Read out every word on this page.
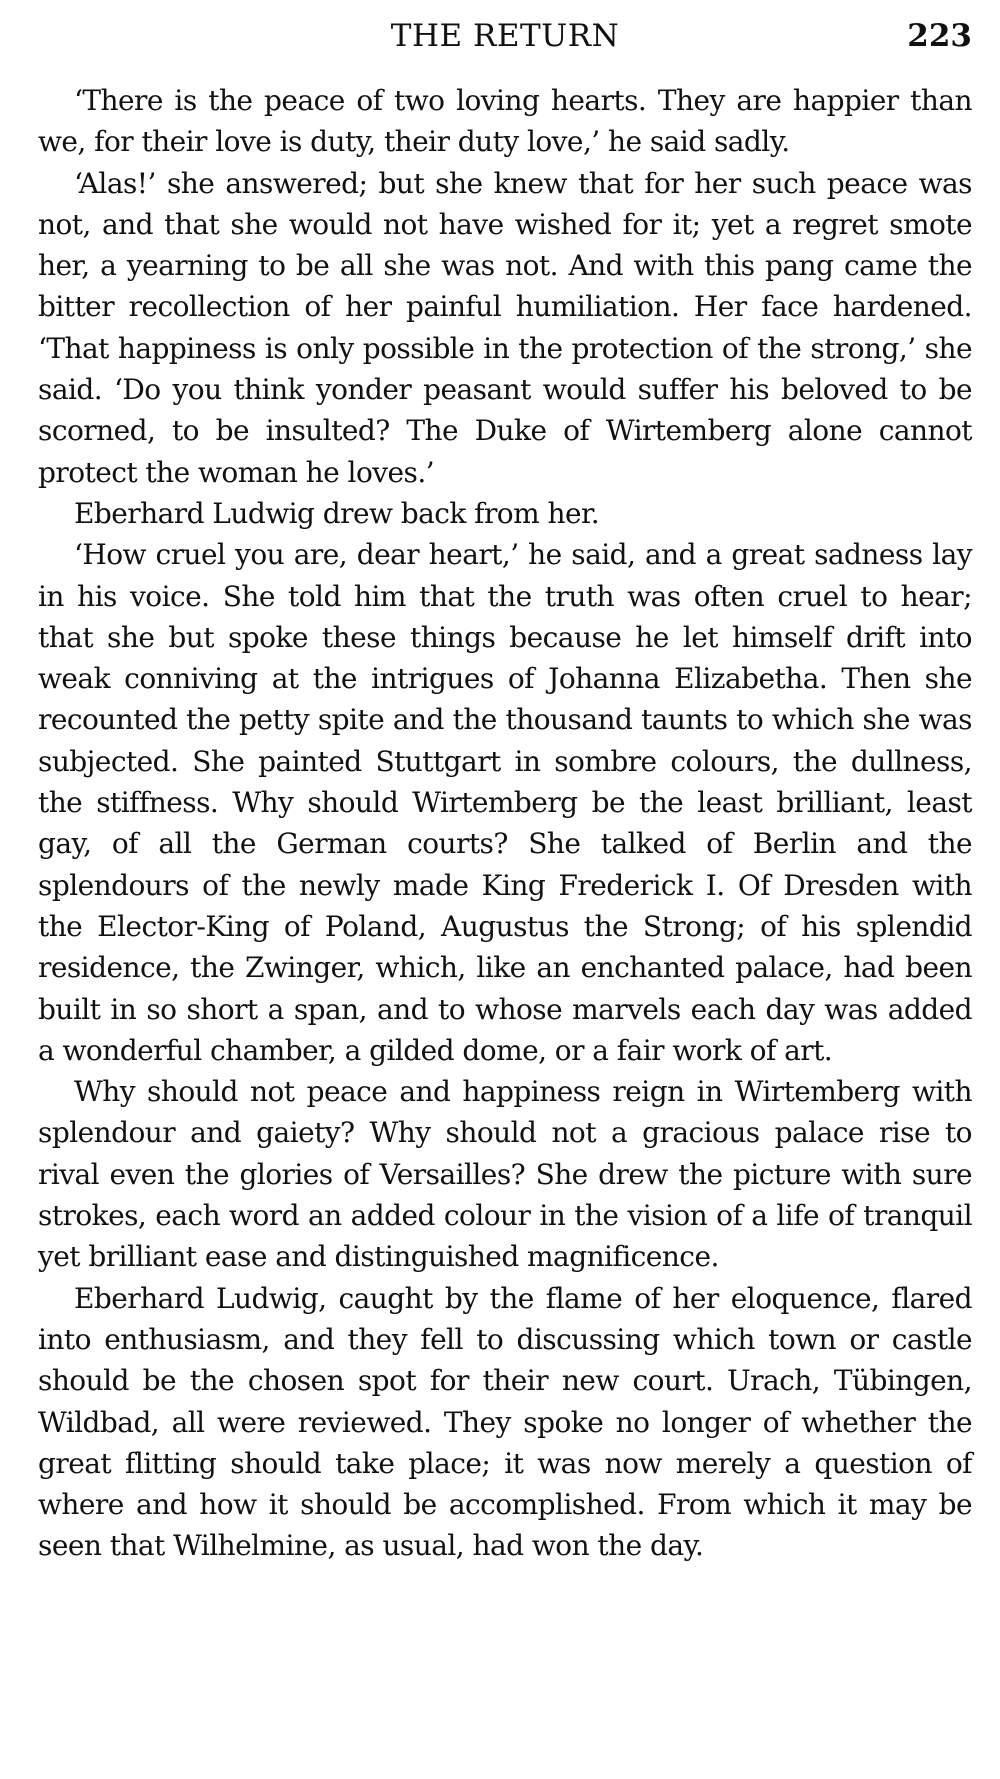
THE RETURN	223

‘There is the peace of two loving hearts. They are happier than we, for their love is duty, their duty love,’ he said sadly.

‘Alas!’ she answered; but she knew that for her such peace was not, and that she would not have wished for it; yet a regret smote her, a yearning to be all she was not. And with this pang came the bitter recollection of her painful humiliation. Her face hardened. ‘That happiness is only possible in the protection of the strong,’ she said. ‘Do you think yonder peasant would suffer his beloved to be scorned, to be insulted? The Duke of Wirtemberg alone cannot protect the woman he loves.’

Eberhard Ludwig drew back from her.

‘How cruel you are, dear heart,’ he said, and a great sadness lay in his voice. She told him that the truth was often cruel to hear; that she but spoke these things because he let himself drift into weak conniving at the intrigues of Johanna Elizabetha. Then she recounted the petty spite and the thousand taunts to which she was subjected. She painted Stuttgart in sombre colours, the dullness, the stiffness. Why should Wirtemberg be the least brilliant, least gay, of all the German courts? She talked of Berlin and the splendours of the newly made King Frederick I. Of Dresden with the Elector-King of Poland, Augustus the Strong; of his splendid residence, the Zwinger, which, like an enchanted palace, had been built in so short a span, and to whose marvels each day was added a wonderful chamber, a gilded dome, or a fair work of art.

Why should not peace and happiness reign in Wirtemberg with splendour and gaiety? Why should not a gracious palace rise to rival even the glories of Versailles? She drew the picture with sure strokes, each word an added colour in the vision of a life of tranquil yet brilliant ease and distinguished magnificence.

Eberhard Ludwig, caught by the flame of her eloquence, flared into enthusiasm, and they fell to discussing which town or castle should be the chosen spot for their new court. Urach, Tübingen, Wildbad, all were reviewed. They spoke no longer of whether the great flitting should take place; it was now merely a question of where and how it should be accomplished. From which it may be seen that Wilhelmine, as usual, had won the day.
